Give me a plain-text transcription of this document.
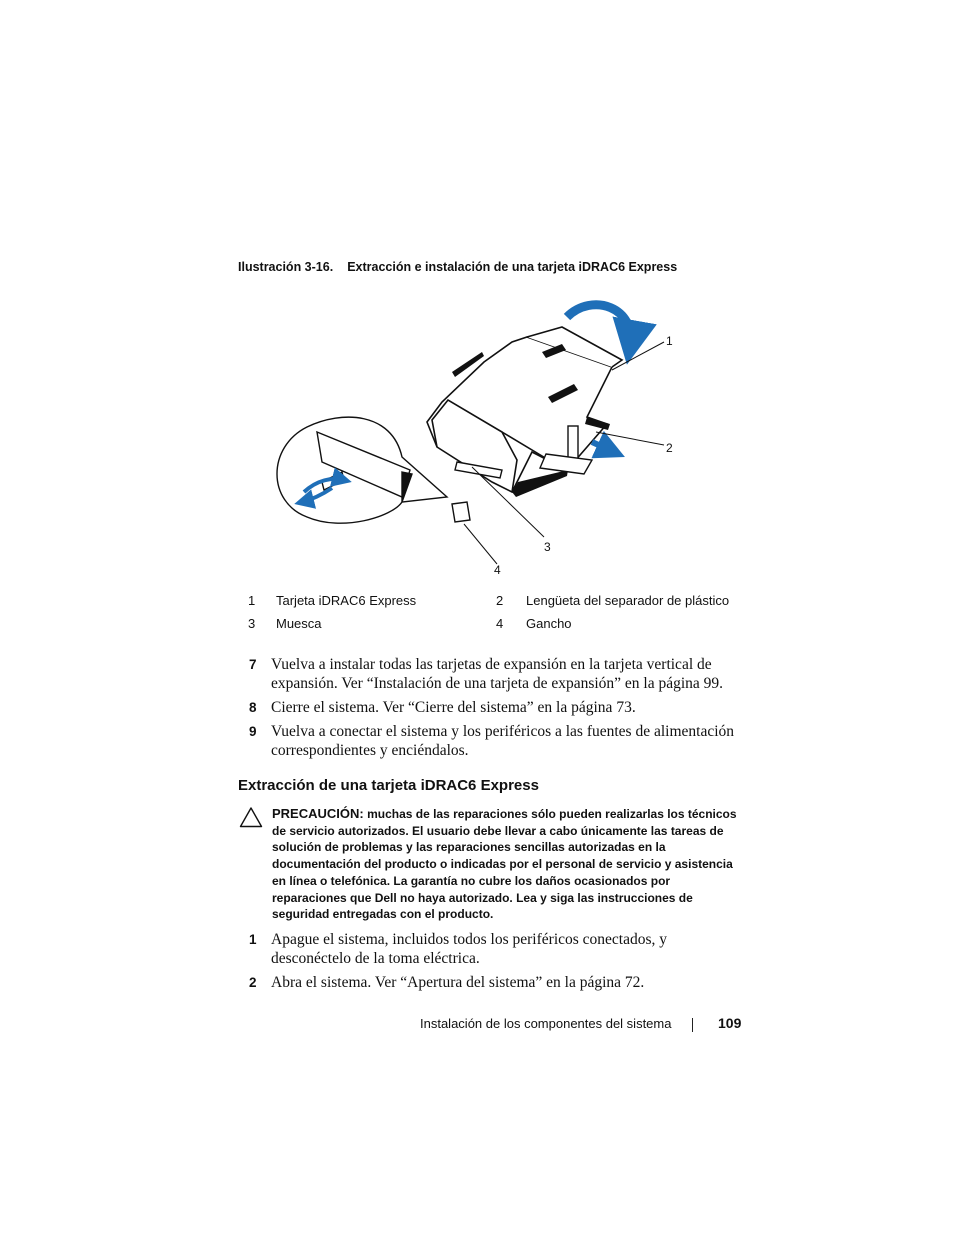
Ilustración 3-16. Extracción e instalación de una tarjeta iDRAC6 Express
1
2
3
4
1 Tarjeta iDRAC6 Express	2 Lengüeta del separador de plástico
3 Muesca	4 Gancho
7 Vuelva a instalar todas las tarjetas de expansión en la tarjeta vertical de expansión. Ver “Instalación de una tarjeta de expansión” en la página 99.
8 Cierre el sistema. Ver “Cierre del sistema” en la página 73.
9 Vuelva a conectar el sistema y los periféricos a las fuentes de alimentación correspondientes y enciéndalos.
Extracción de una tarjeta iDRAC6 Express
PRECAUCIÓN: muchas de las reparaciones sólo pueden realizarlas los técnicos de servicio autorizados. El usuario debe llevar a cabo únicamente las tareas de solución de problemas y las reparaciones sencillas autorizadas en la documentación del producto o indicadas por el personal de servicio y asistencia en línea o telefónica. La garantía no cubre los daños ocasionados por reparaciones que Dell no haya autorizado. Lea y siga las instrucciones de seguridad entregadas con el producto.
1 Apague el sistema, incluidos todos los periféricos conectados, y desconéctelo de la toma eléctrica.
2 Abra el sistema. Ver “Apertura del sistema” en la página 72.
Instalación de los componentes del sistema	109
